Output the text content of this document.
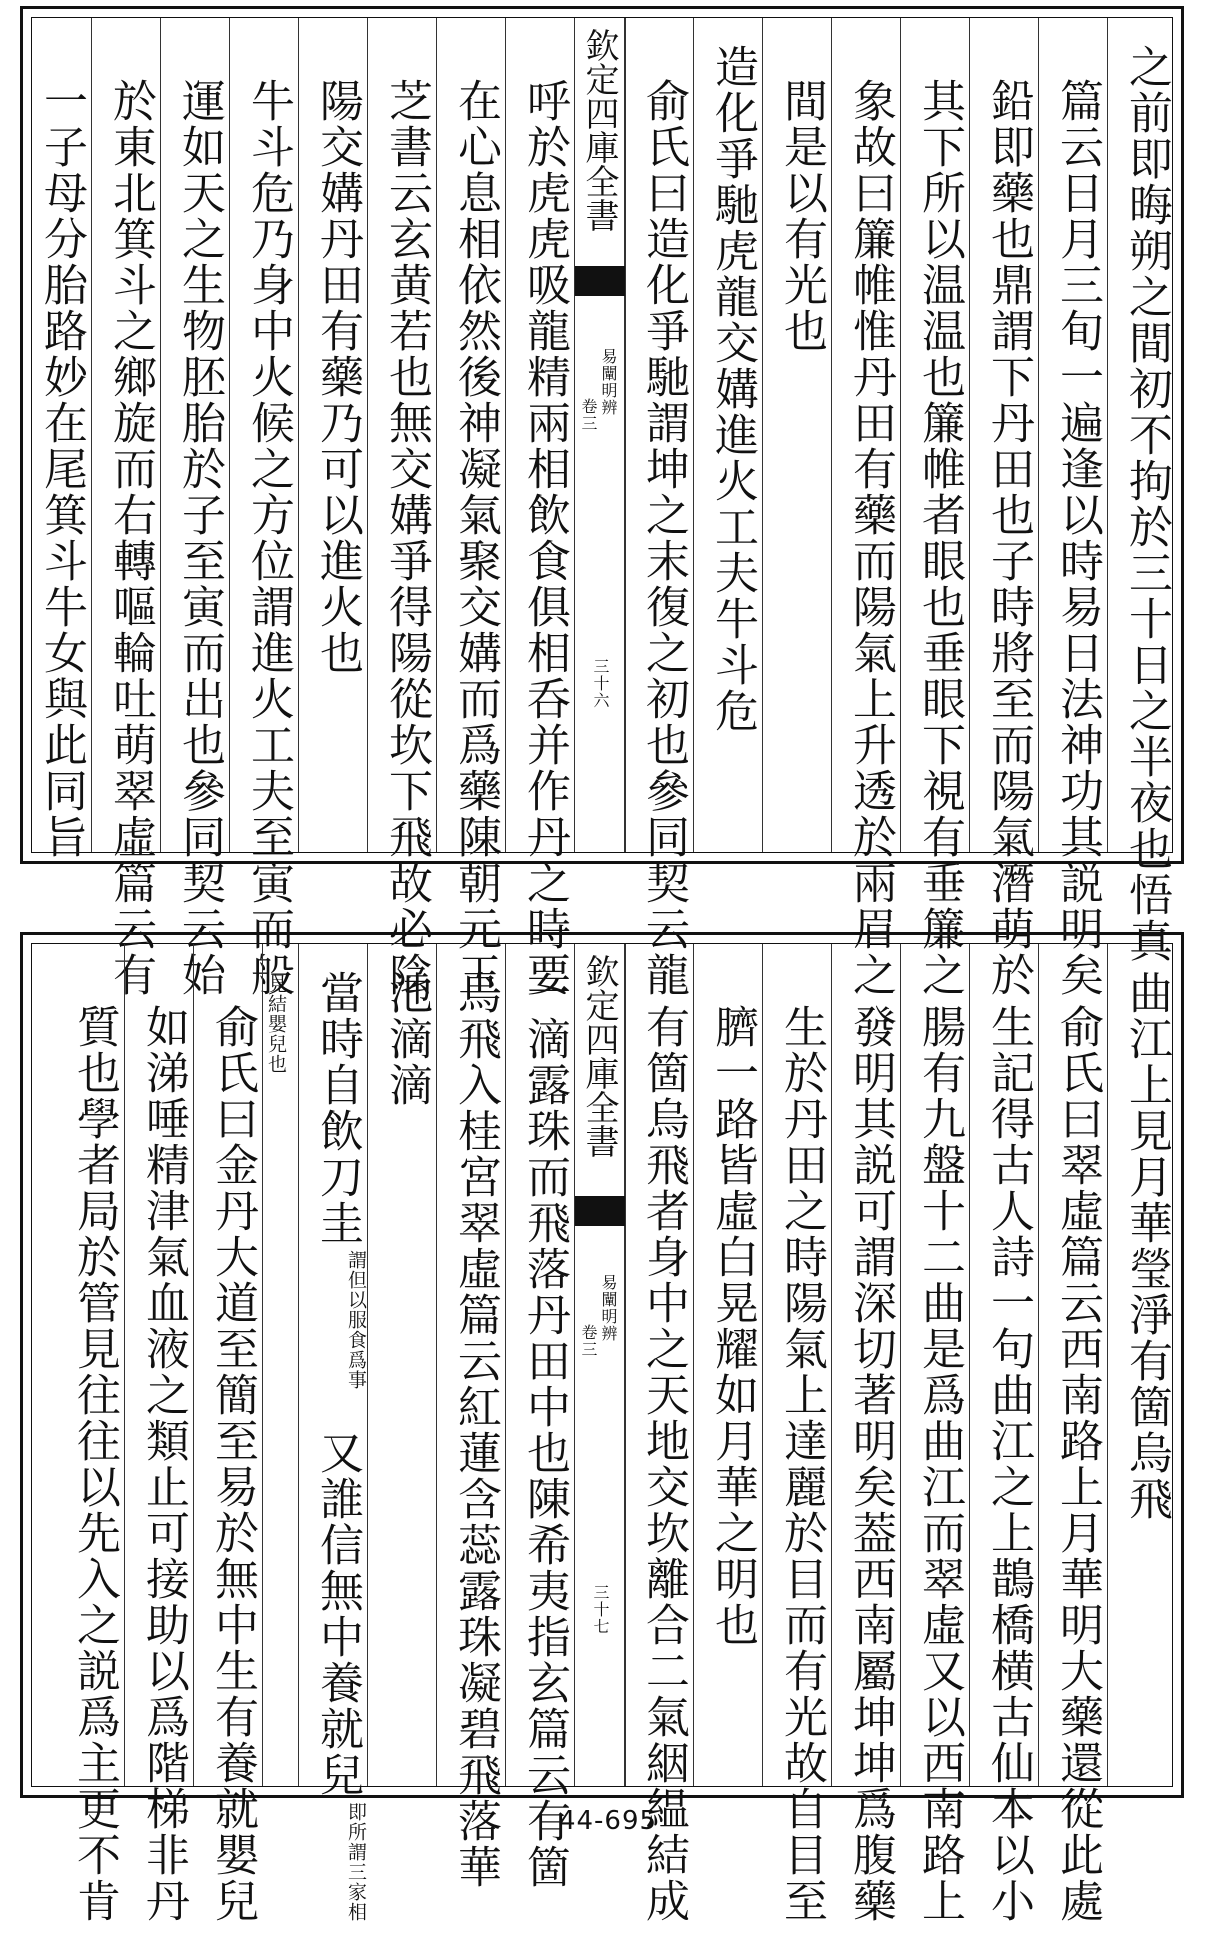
之前即晦朔之間初不拘於三十日之半夜也悟真
篇云日月三旬一遍逢以時易日法神功其説明矣
鉛即藥也鼎謂下丹田也子時將至而陽氣潛萌於
其下所以温温也簾帷者眼也垂眼下視有垂簾之
象故曰簾帷惟丹田有藥而陽氣上升透於兩眉之
間是以有光也
造化爭馳虎龍交媾進火工夫牛斗危
俞氏曰造化爭馳謂坤之末復之初也參同契云龍
欽定四庫全書
易闡明辨
卷三
三十六
呼於虎虎吸龍精兩相飲食俱相呑并作丹之時要
在心息相依然後神凝氣聚交媾而爲藥陳朝元玉
芝書云玄黄若也無交媾爭得陽從坎下飛故必陰
陽交媾丹田有藥乃可以進火也
牛斗危乃身中火候之方位謂進火工夫至寅而般
運如天之生物胚胎於子至寅而出也參同契云始
於東北箕斗之鄉旋而右轉嘔輪吐萌翠虛篇云有
一子母分胎路妙在尾箕斗牛女與此同旨
曲江上見月華瑩淨有箇烏飛
俞氏曰翠虛篇云西南路上月華明大藥還從此處
生記得古人詩一句曲江之上鵲橋横古仙本以小
腸有九盤十二曲是爲曲江而翠虛又以西南路上
發明其説可謂深切著明矣葢西南屬坤坤爲腹藥
生於丹田之時陽氣上達麗於目而有光故自目至
臍一路皆虛白晃耀如月華之明也
有箇烏飛者身中之天地交坎離合二氣絪緼結成
欽定四庫全書
易闡明辨
卷三
三十七
一滴露珠而飛落丹田中也陳希夷指玄篇云有箇
烏飛入桂宮翠虛篇云紅蓮含蕊露珠凝碧飛落華
池滴滴
當時自飲刀圭謂但以服食爲事又誰信無中養就兒即所謂三家相
見結嬰兒也
俞氏曰金丹大道至簡至易於無中生有養就嬰兒
如涕唾精津氣血液之類止可接助以爲階梯非丹
質也學者局於管見往往以先入之説爲主更不肯	44-695
